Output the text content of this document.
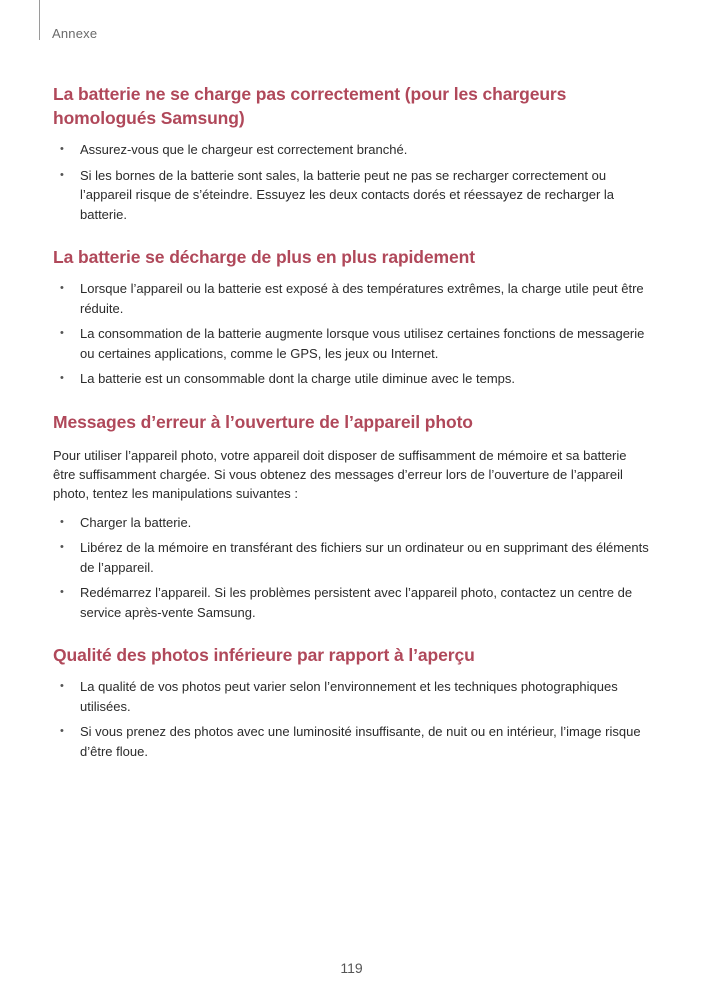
Annexe
La batterie ne se charge pas correctement (pour les chargeurs homologués Samsung)
• Assurez-vous que le chargeur est correctement branché.
• Si les bornes de la batterie sont sales, la batterie peut ne pas se recharger correctement ou l’appareil risque de s’éteindre. Essuyez les deux contacts dorés et réessayez de recharger la batterie.
La batterie se décharge de plus en plus rapidement
• Lorsque l’appareil ou la batterie est exposé à des températures extrêmes, la charge utile peut être réduite.
• La consommation de la batterie augmente lorsque vous utilisez certaines fonctions de messagerie ou certaines applications, comme le GPS, les jeux ou Internet.
• La batterie est un consommable dont la charge utile diminue avec le temps.
Messages d’erreur à l’ouverture de l’appareil photo

Pour utiliser l’appareil photo, votre appareil doit disposer de suffisamment de mémoire et sa batterie être suffisamment chargée. Si vous obtenez des messages d’erreur lors de l’ouverture de l’appareil photo, tentez les manipulations suivantes :

• Charger la batterie.
• Libérez de la mémoire en transférant des fichiers sur un ordinateur ou en supprimant des éléments de l’appareil.
• Redémarrez l’appareil. Si les problèmes persistent avec l’appareil photo, contactez un centre de service après-vente Samsung.
Qualité des photos inférieure par rapport à l’aperçu
• La qualité de vos photos peut varier selon l’environnement et les techniques photographiques utilisées.
• Si vous prenez des photos avec une luminosité insuffisante, de nuit ou en intérieur, l’image risque d’être floue.
119
